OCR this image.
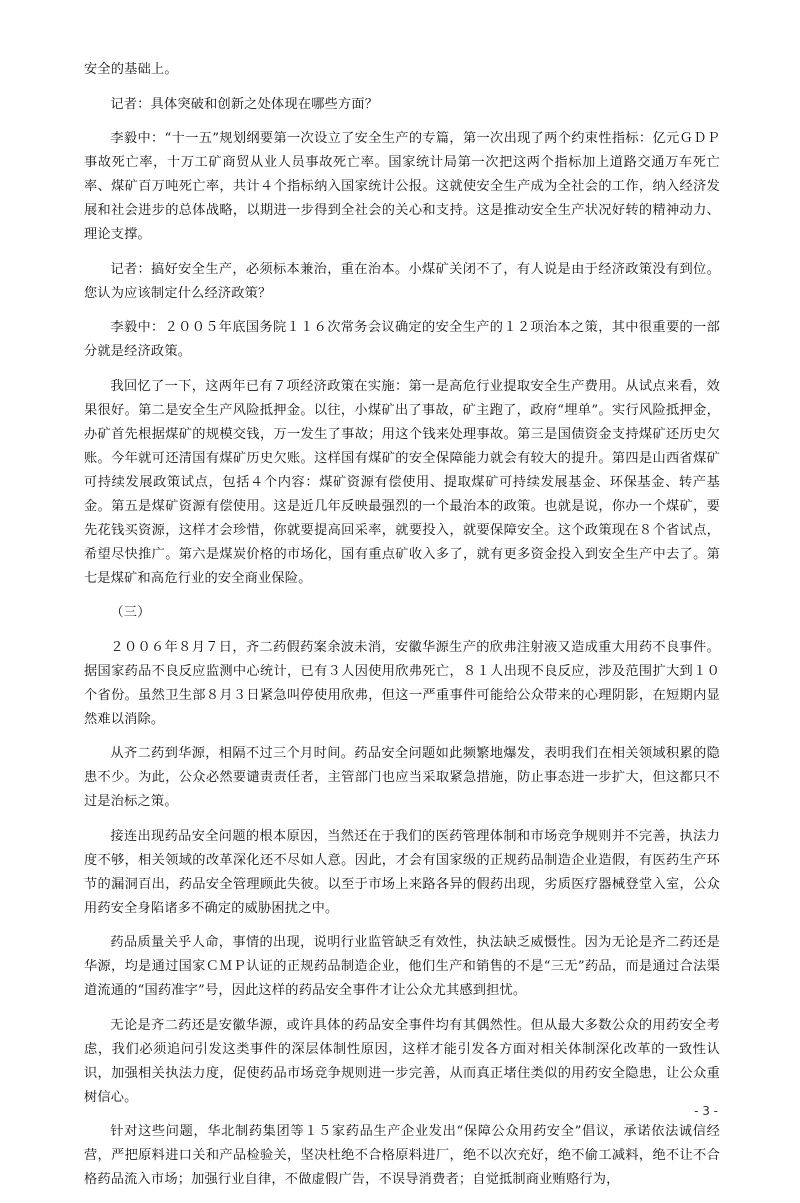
安全的基础上。

记者：具体突破和创新之处体现在哪些方面？

李毅中：“十一五”规划纲要第一次设立了安全生产的专篇，第一次出现了两个约束性指标：亿元ＧＤＰ事故死亡率，十万工矿商贸从业人员事故死亡率。国家统计局第一次把这两个指标加上道路交通万车死亡率、煤矿百万吨死亡率，共计４个指标纳入国家统计公报。这就使安全生产成为全社会的工作，纳入经济发展和社会进步的总体战略，以期进一步得到全社会的关心和支持。这是推动安全生产状况好转的精神动力、理论支撑。

记者：搞好安全生产，必须标本兼治，重在治本。小煤矿关闭不了，有人说是由于经济政策没有到位。您认为应该制定什么经济政策？

李毅中：２００５年底国务院１１６次常务会议确定的安全生产的１２项治本之策，其中很重要的一部分就是经济政策。

我回忆了一下，这两年已有７项经济政策在实施：第一是高危行业提取安全生产费用。从试点来看，效果很好。第二是安全生产风险抵押金。以往，小煤矿出了事故，矿主跑了，政府“埋单”。实行风险抵押金，办矿首先根据煤矿的规模交钱，万一发生了事故；用这个钱来处理事故。第三是国债资金支持煤矿还历史欠账。今年就可还清国有煤矿历史欠账。这样国有煤矿的安全保障能力就会有较大的提升。第四是山西省煤矿可持续发展政策试点，包括４个内容：煤矿资源有偿使用、提取煤矿可持续发展基金、环保基金、转产基金。第五是煤矿资源有偿使用。这是近几年反映最强烈的一个最治本的政策。也就是说，你办一个煤矿，要先花钱买资源，这样才会珍惜，你就要提高回采率，就要投入，就要保障安全。这个政策现在８个省试点，希望尽快推广。第六是煤炭价格的市场化，国有重点矿收入多了，就有更多资金投入到安全生产中去了。第七是煤矿和高危行业的安全商业保险。

（三）

２００６年８月７日，齐二药假药案余波未消，安徽华源生产的欣弗注射液又造成重大用药不良事件。据国家药品不良反应监测中心统计，已有３人因使用欣弗死亡，８１人出现不良反应，涉及范围扩大到１０个省份。虽然卫生部８月３日紧急叫停使用欣弗，但这一严重事件可能给公众带来的心理阴影，在短期内显然难以消除。

从齐二药到华源，相隔不过三个月时间。药品安全问题如此频繁地爆发，表明我们在相关领域积累的隐患不少。为此，公众必然要谴责责任者，主管部门也应当采取紧急措施，防止事态进一步扩大，但这都只不过是治标之策。

接连出现药品安全问题的根本原因，当然还在于我们的医药管理体制和市场竞争规则并不完善，执法力度不够，相关领域的改革深化还不尽如人意。因此，才会有国家级的正规药品制造企业造假，有医药生产环节的漏洞百出，药品安全管理顾此失彼。以至于市场上来路各异的假药出现，劣质医疗器械登堂入室，公众用药安全身陷诸多不确定的威胁困扰之中。

药品质量关乎人命，事情的出现，说明行业监管缺乏有效性，执法缺乏威慑性。因为无论是齐二药还是华源，均是通过国家ＣＭＰ认证的正规药品制造企业，他们生产和销售的不是“三无”药品，而是通过合法渠道流通的“国药准字”号，因此这样的药品安全事件才让公众尤其感到担忧。

无论是齐二药还是安徽华源，或许具体的药品安全事件均有其偶然性。但从最大多数公众的用药安全考虑，我们必须追问引发这类事件的深层体制性原因，这样才能引发各方面对相关体制深化改革的一致性认识，加强相关执法力度，促使药品市场竞争规则进一步完善，从而真正堵住类似的用药安全隐患，让公众重树信心。

针对这些问题，华北制药集团等１５家药品生产企业发出“保障公众用药安全”倡议，承诺依法诚信经营，严把原料进口关和产品检验关，坚决杜绝不合格原料进厂，绝不以次充好，绝不偷工减料，绝不让不合格药品流入市场；加强行业自律，不做虚假广告，不误导消费者；自觉抵制商业贿赂行为，

- 3 -
